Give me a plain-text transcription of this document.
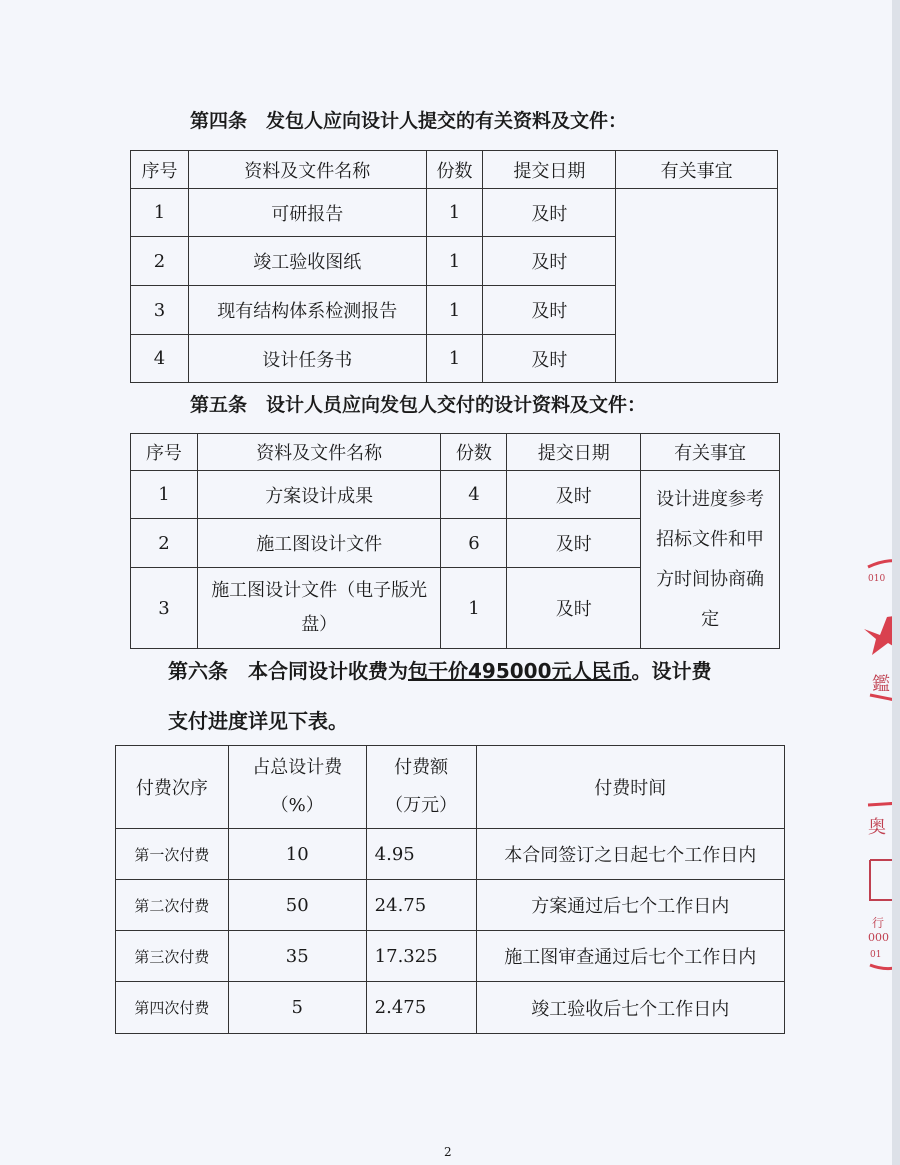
第四条　发包人应向设计人提交的有关资料及文件：
序号	资料及文件名称	份数	提交日期	有关事宜
1	可研报告	1	及时	
2	竣工验收图纸	1	及时	
3	现有结构体系检测报告	1	及时	
4	设计任务书	1	及时	
第五条　设计人员应向发包人交付的设计资料及文件：
序号	资料及文件名称	份数	提交日期	有关事宜
1	方案设计成果	4	及时	设计进度参考招标文件和甲方时间协商确定
2	施工图设计文件	6	及时	
3	施工图设计文件（电子版光盘）	1	及时	
第六条　本合同设计收费为包干价495000元人民币。设计费
支付进度详见下表。
付费次序	占总设计费（%）	付费额（万元）	付费时间
第一次付费	10	4.95	本合同签订之日起七个工作日内
第二次付费	50	24.75	方案通过后七个工作日内
第三次付费	35	17.325	施工图审查通过后七个工作日内
第四次付费	5	2.475	竣工验收后七个工作日内
010
鑑
奥
行
000
01
2
